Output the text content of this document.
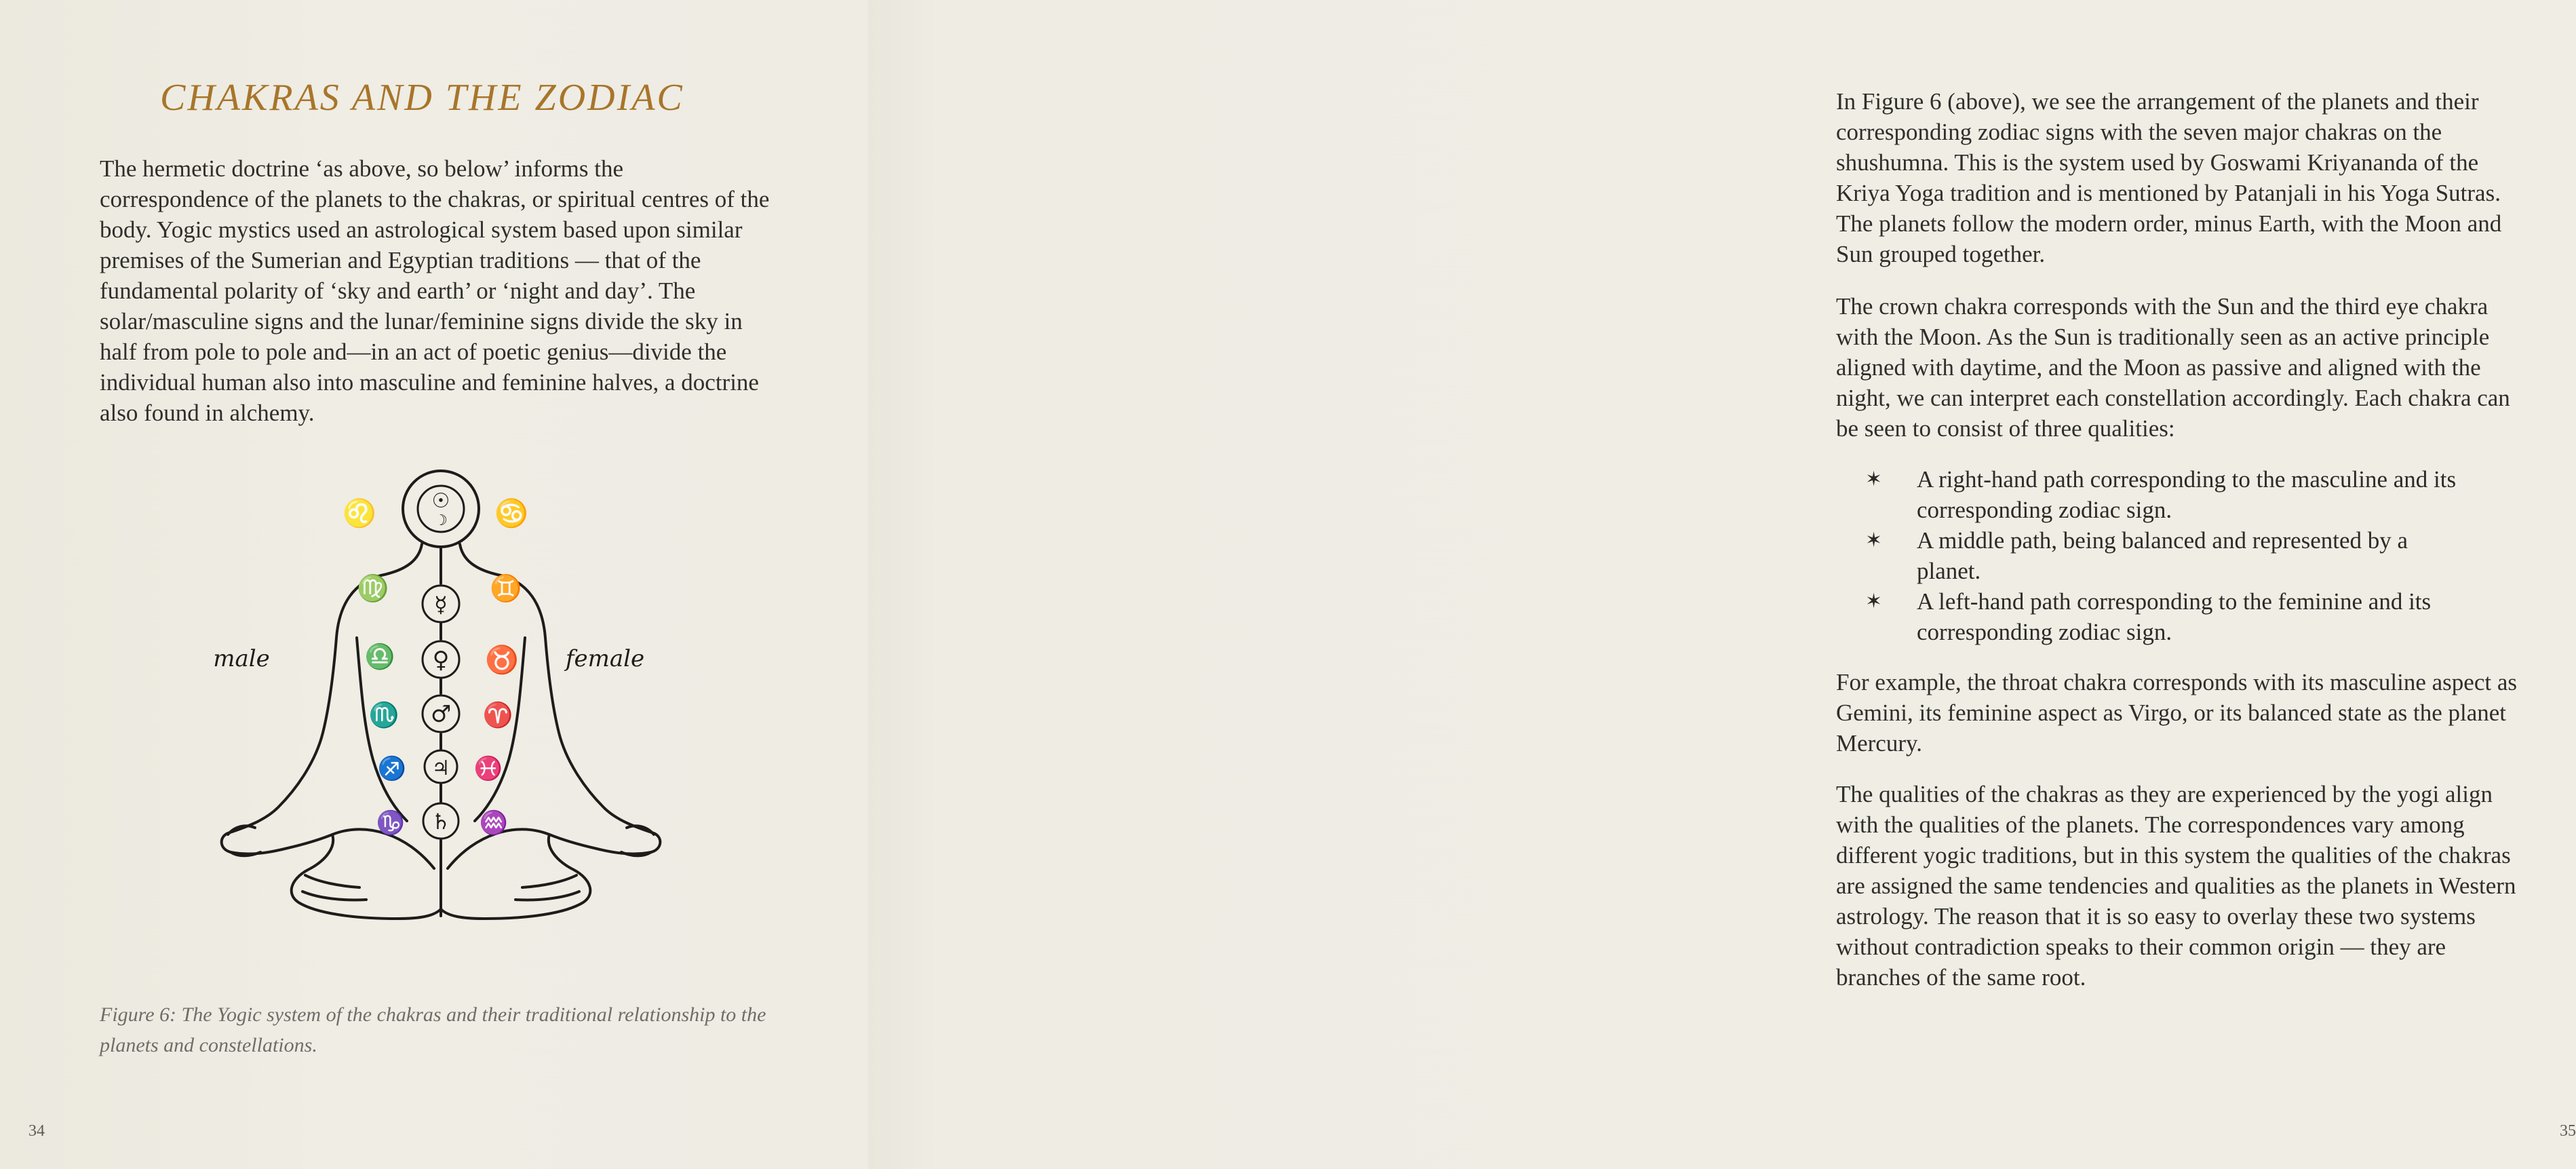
CHAKRAS AND THE ZODIAC

The hermetic doctrine ‘as above, so below’ informs the correspondence of the planets to the chakras, or spiritual centres of the body. Yogic mystics used an astrological system based upon similar premises of the Sumerian and Egyptian traditions — that of the fundamental polarity of ‘sky and earth’ or ‘night and day’. The solar/masculine signs and the lunar/feminine signs divide the sky in half from pole to pole and—in an act of poetic genius—divide the individual human also into masculine and feminine halves, a doctrine also found in alchemy.

☉
☽
♌	♋
♍	♊
☿
♎	♉
♀
♏	♈
♂
♐	♓
♃
♑	♒
♄
male	female

Figure 6: The Yogic system of the chakras and their traditional relationship to the planets and constellations.

34

In Figure 6 (above), we see the arrangement of the planets and their corresponding zodiac signs with the seven major chakras on the shushumna. This is the system used by Goswami Kriyananda of the Kriya Yoga tradition and is mentioned by Patanjali in his Yoga Sutras. The planets follow the modern order, minus Earth, with the Moon and Sun grouped together.

The crown chakra corresponds with the Sun and the third eye chakra with the Moon. As the Sun is traditionally seen as an active principle aligned with daytime, and the Moon as passive and aligned with the night, we can interpret each constellation accordingly. Each chakra can be seen to consist of three qualities:

✶ A right-hand path corresponding to the masculine and its corresponding zodiac sign.
✶ A middle path, being balanced and represented by a planet.
✶ A left-hand path corresponding to the feminine and its corresponding zodiac sign.

For example, the throat chakra corresponds with its masculine aspect as Gemini, its feminine aspect as Virgo, or its balanced state as the planet Mercury.

The qualities of the chakras as they are experienced by the yogi align with the qualities of the planets. The correspondences vary among different yogic traditions, but in this system the qualities of the chakras are assigned the same tendencies and qualities as the planets in Western astrology. The reason that it is so easy to overlay these two systems without contradiction speaks to their common origin — they are branches of the same root.

35
